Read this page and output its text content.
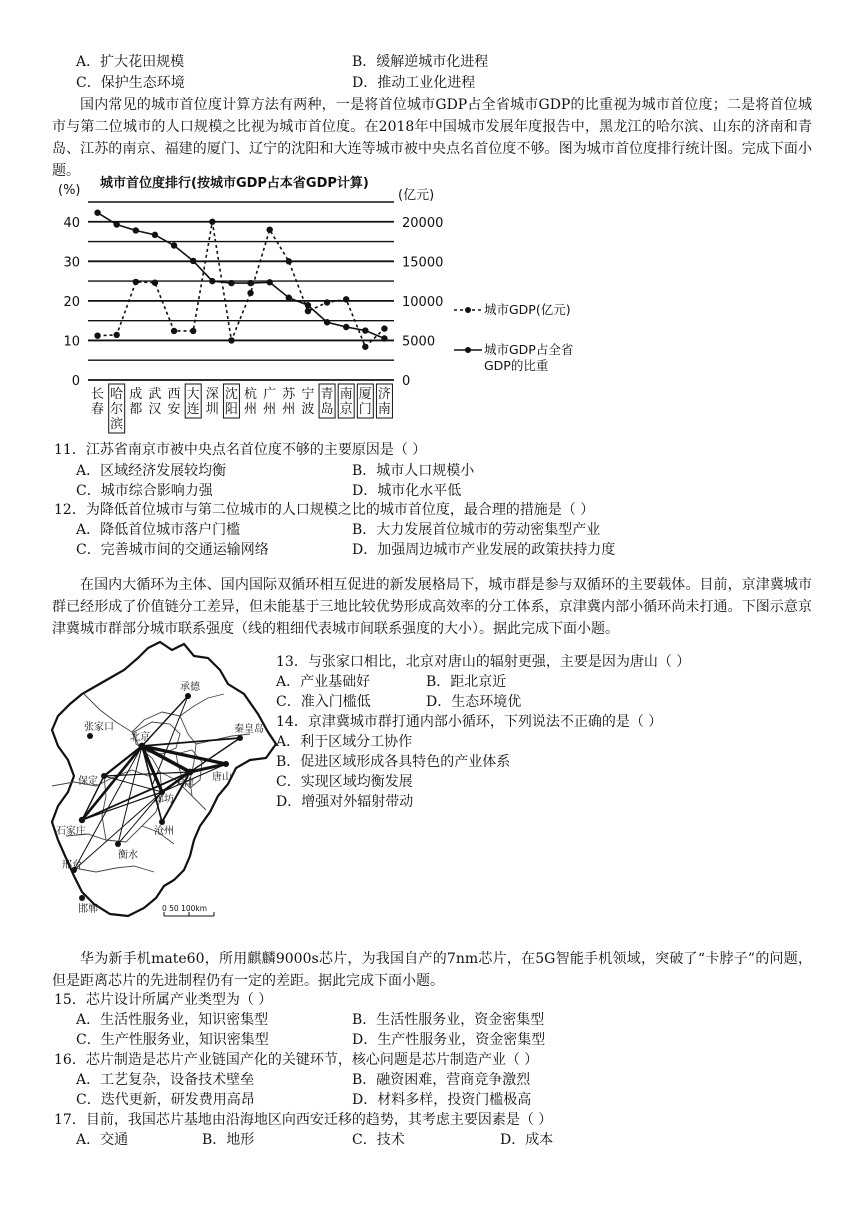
A．扩大花田规模	B．缓解逆城市化进程
C．保护生态环境	D．推动工业化进程
国内常见的城市首位度计算方法有两种，一是将首位城市GDP占全省城市GDP的比重视为城市首位度；二是将首位城市与第二位城市的人口规模之比视为城市首位度。在2018年中国城市发展年度报告中，黑龙江的哈尔滨、山东的济南和青岛、江苏的南京、福建的厦门、辽宁的沈阳和大连等城市被中央点名首位度不够。图为城市首位度排行统计图。完成下面小题。
城市首位度排行(按城市GDP占本省GDP计算)
(%)	(亿元)
0
10
20
30
40
0
5000
10000
15000
20000
长春
哈尔滨
成都
武汉
西安
大连
深圳
沈阳
杭州
广州
苏州
宁波
青岛
南京
厦门
济南
城市GDP(亿元)
城市GDP占全省 GDP的比重
11．江苏省南京市被中央点名首位度不够的主要原因是（ ）
A．区域经济发展较均衡	B．城市人口规模小
C．城市综合影响力强	D．城市化水平低
12．为降低首位城市与第二位城市的人口规模之比的城市首位度，最合理的措施是（ ）
A．降低首位城市落户门槛	B．大力发展首位城市的劳动密集型产业
C．完善城市间的交通运输网络	D．加强周边城市产业发展的政策扶持力度
在国内大循环为主体、国内国际双循环相互促进的新发展格局下，城市群是参与双循环的主要载体。目前，京津冀城市群已经形成了价值链分工差异，但未能基于三地比较优势形成高效率的分工体系，京津冀内部小循环尚未打通。下图示意京津冀城市群部分城市联系强度（线的粗细代表城市间联系强度的大小）。据此完成下面小题。
承德
张家口
北京
秦皇岛
保定	天津
唐山
廊坊
石家庄	沧州
衡水
邢台
邯郸	0 50 100km
13．与张家口相比，北京对唐山的辐射更强，主要是因为唐山（ ）
A．产业基础好	B．距北京近
C．准入门槛低	D．生态环境优
14．京津冀城市群打通内部小循环，下列说法不正确的是（ ）
A．利于区域分工协作
B．促进区域形成各具特色的产业体系
C．实现区域均衡发展
D．增强对外辐射带动
华为新手机mate60，所用麒麟9000s芯片，为我国自产的7nm芯片，在5G智能手机领域，突破了“卡脖子”的问题，但是距离芯片的先进制程仍有一定的差距。据此完成下面小题。
15．芯片设计所属产业类型为（ ）
A．生活性服务业，知识密集型	B．生活性服务业，资金密集型
C．生产性服务业，知识密集型	D．生产性服务业，资金密集型
16．芯片制造是芯片产业链国产化的关键环节，核心问题是芯片制造产业（ ）
A．工艺复杂，设备技术壁垒	B．融资困难，营商竞争激烈
C．迭代更新，研发费用高昂	D．材料多样，投资门槛极高
17．目前，我国芯片基地由沿海地区向西安迁移的趋势，其考虑主要因素是（ ）
A．交通	B．地形	C．技术	D．成本
